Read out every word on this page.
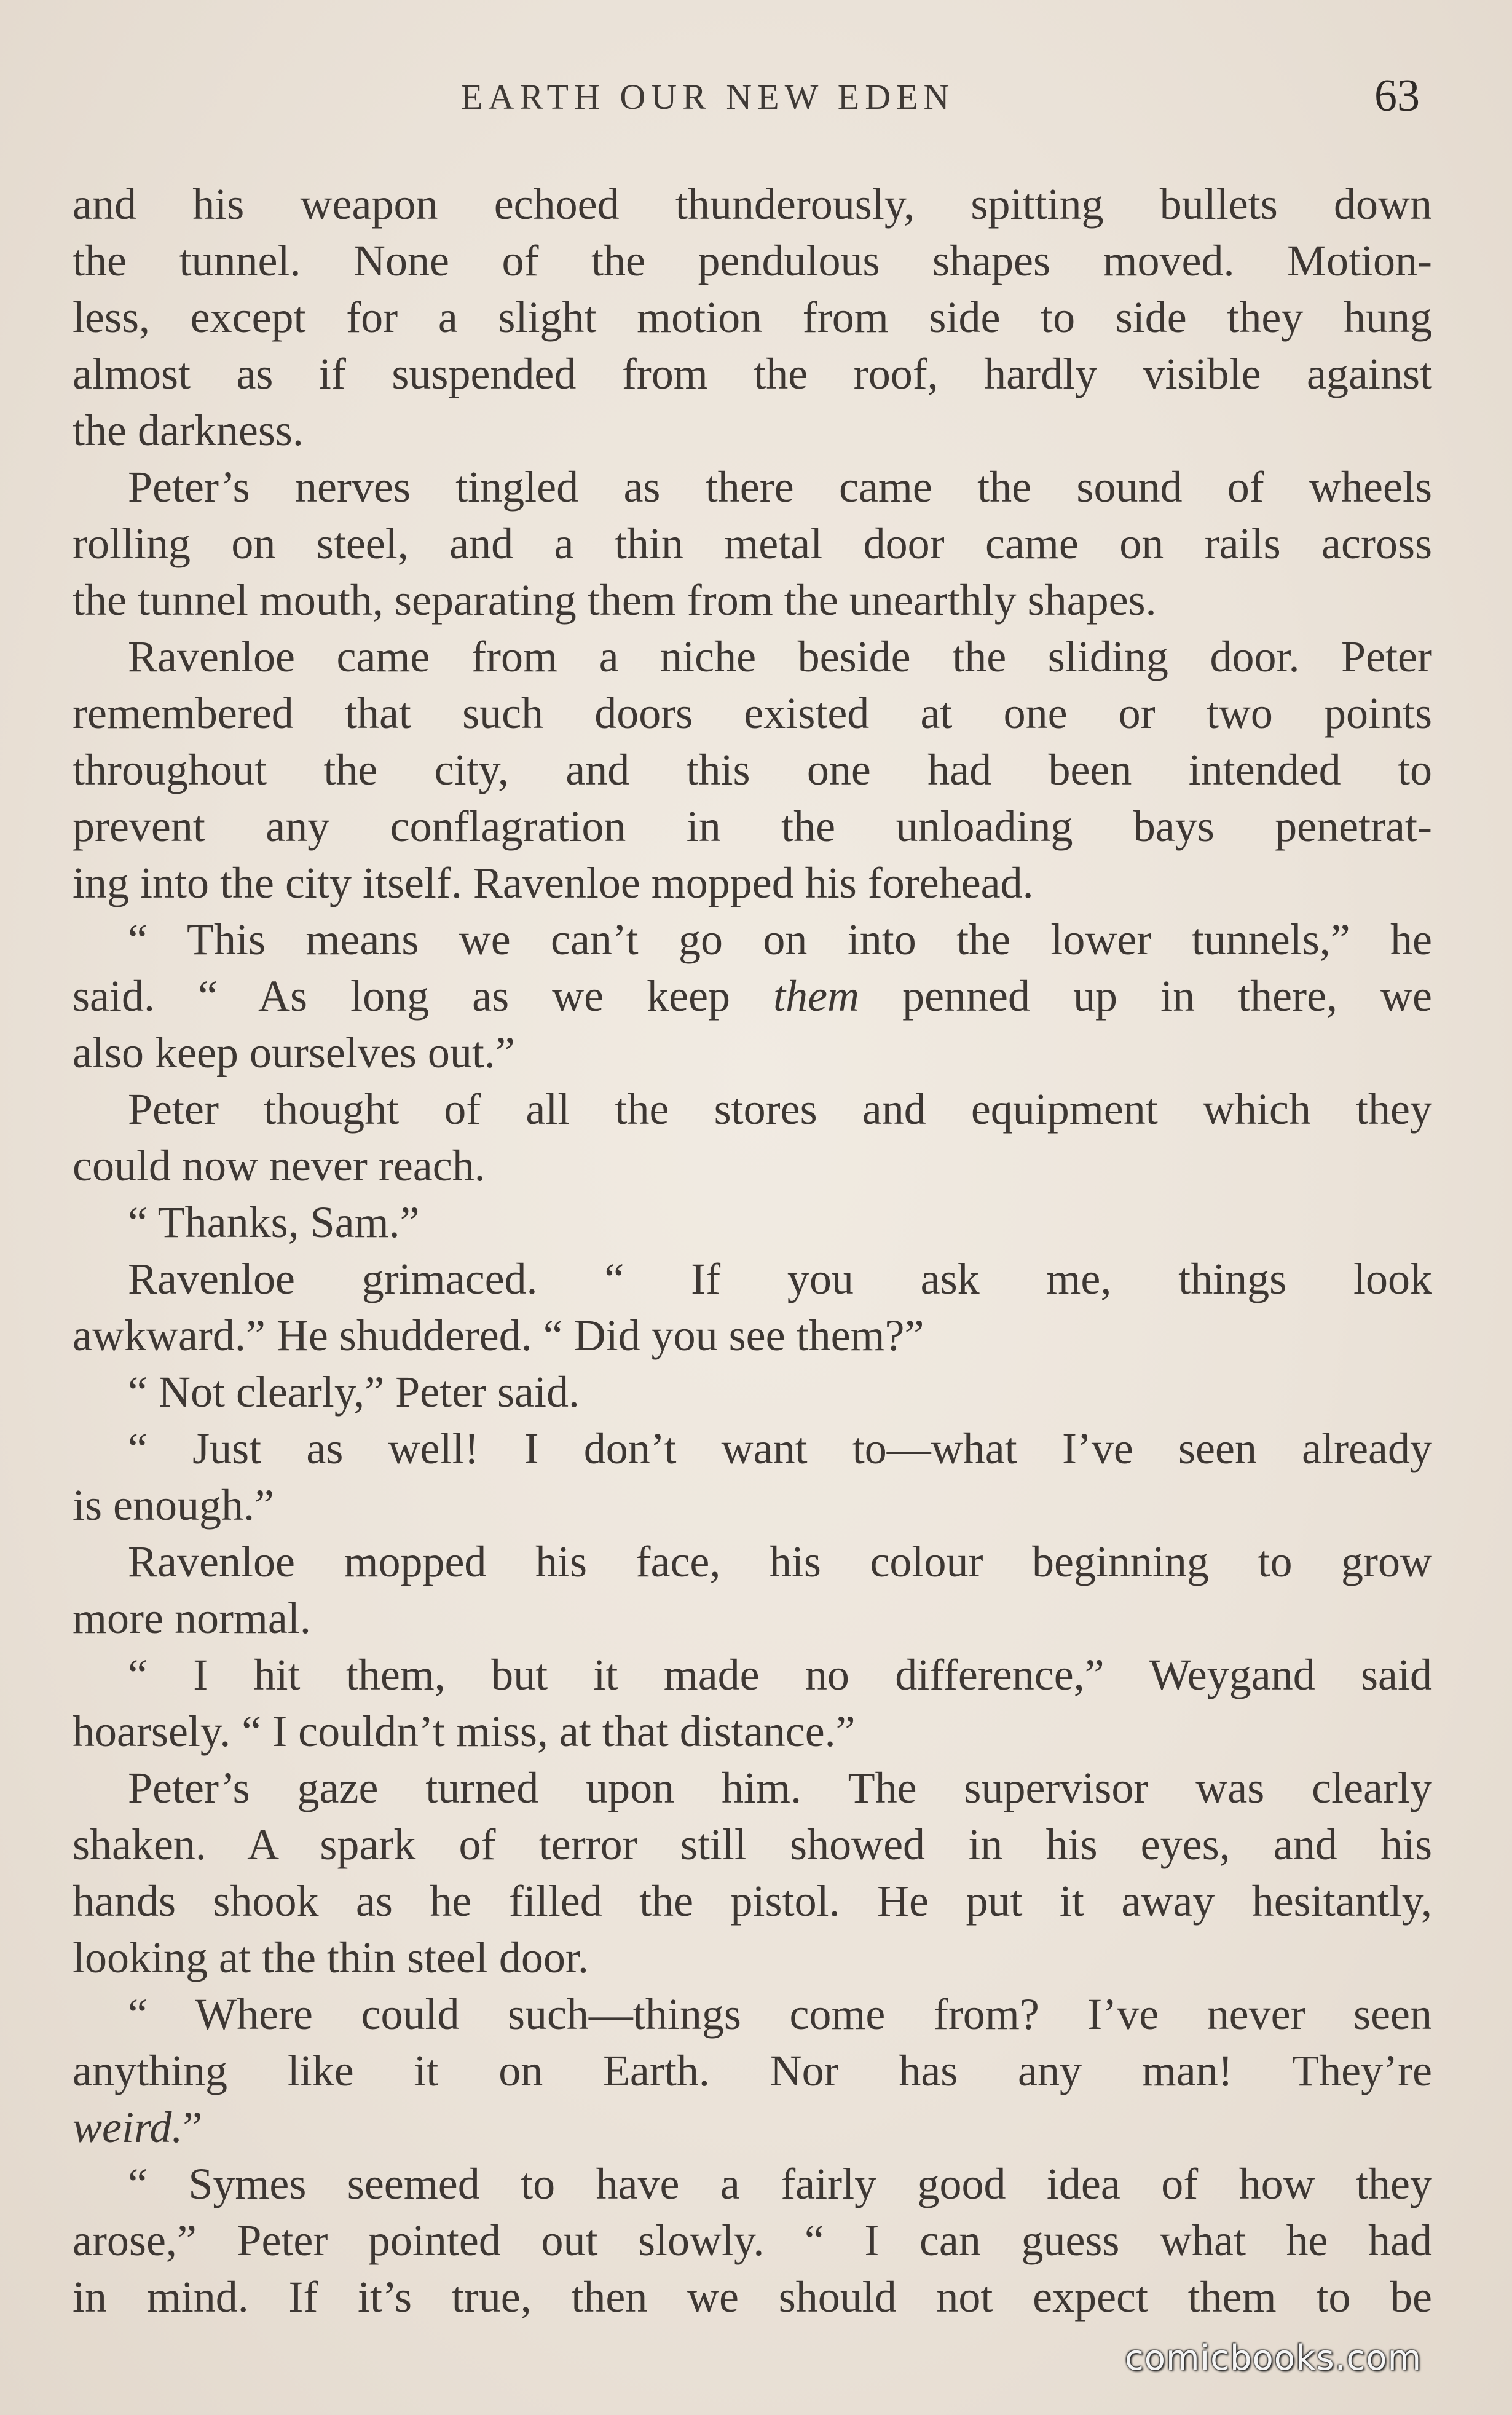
EARTH OUR NEW EDEN	63
and his weapon echoed thunderously, spitting bullets down
the tunnel. None of the pendulous shapes moved. Motion-
less, except for a slight motion from side to side they hung
almost as if suspended from the roof, hardly visible against
the darkness.
Peter’s nerves tingled as there came the sound of wheels
rolling on steel, and a thin metal door came on rails across
the tunnel mouth, separating them from the unearthly shapes.
Ravenloe came from a niche beside the sliding door. Peter
remembered that such doors existed at one or two points
throughout the city, and this one had been intended to
prevent any conflagration in the unloading bays penetrat-
ing into the city itself. Ravenloe mopped his forehead.
“ This means we can’t go on into the lower tunnels,” he
said. “ As long as we keep them penned up in there, we
also keep ourselves out.”
Peter thought of all the stores and equipment which they
could now never reach.
“ Thanks, Sam.”
Ravenloe grimaced. “ If you ask me, things look
awkward.” He shuddered. “ Did you see them?”
“ Not clearly,” Peter said.
“ Just as well! I don’t want to—what I’ve seen already
is enough.”
Ravenloe mopped his face, his colour beginning to grow
more normal.
“ I hit them, but it made no difference,” Weygand said
hoarsely. “ I couldn’t miss, at that distance.”
Peter’s gaze turned upon him. The supervisor was clearly
shaken. A spark of terror still showed in his eyes, and his
hands shook as he filled the pistol. He put it away hesitantly,
looking at the thin steel door.
“ Where could such—things come from? I’ve never seen
anything like it on Earth. Nor has any man! They’re
weird.”
“ Symes seemed to have a fairly good idea of how they
arose,” Peter pointed out slowly. “ I can guess what he had
in mind. If it’s true, then we should not expect them to be
comicbooks.com
